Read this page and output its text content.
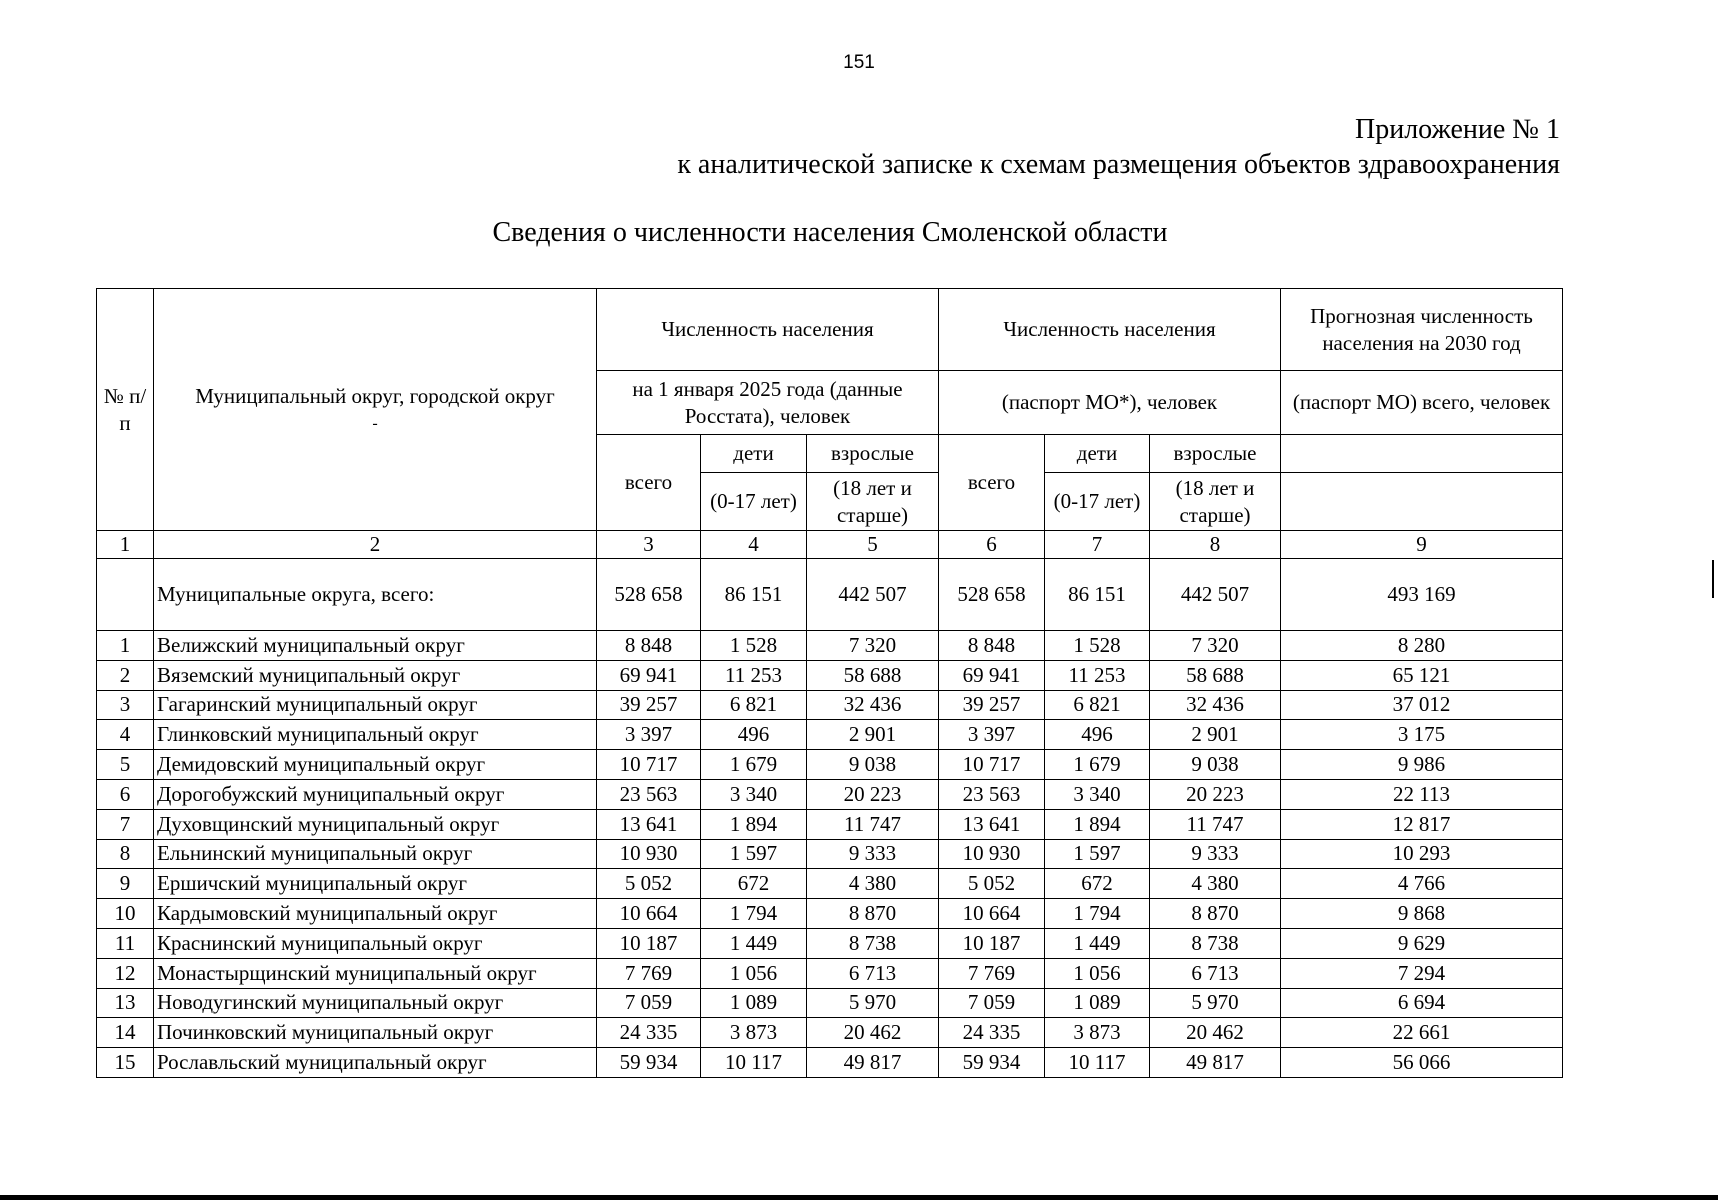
151
Приложение № 1
к аналитической записке к схемам размещения объектов здравоохранения
Сведения о численности населения Смоленской области
№ п/п	Муниципальный округ, городской округ
-	Численность населения			Численность населения			Прогнозная численность населения на 2030 год
		на 1 января 2025 года (данные Росстата), человек			(паспорт МО*), человек			(паспорт МО) всего, человек
		всего	дети	взрослые	всего	дети	взрослые	
			(0-17 лет)	(18 лет и старше)		(0-17 лет)	(18 лет и старше)	
1	2	3	4	5	6	7	8	9
	Муниципальные округа, всего:	528 658	86 151	442 507	528 658	86 151	442 507	493 169
1	Велижский муниципальный округ	8 848	1 528	7 320	8 848	1 528	7 320	8 280
2	Вяземский муниципальный округ	69 941	11 253	58 688	69 941	11 253	58 688	65 121
3	Гагаринский муниципальный округ	39 257	6 821	32 436	39 257	6 821	32 436	37 012
4	Глинковский муниципальный округ	3 397	496	2 901	3 397	496	2 901	3 175
5	Демидовский муниципальный округ	10 717	1 679	9 038	10 717	1 679	9 038	9 986
6	Дорогобужский муниципальный округ	23 563	3 340	20 223	23 563	3 340	20 223	22 113
7	Духовщинский муниципальный округ	13 641	1 894	11 747	13 641	1 894	11 747	12 817
8	Ельнинский муниципальный округ	10 930	1 597	9 333	10 930	1 597	9 333	10 293
9	Ершичский муниципальный округ	5 052	672	4 380	5 052	672	4 380	4 766
10	Кардымовский муниципальный округ	10 664	1 794	8 870	10 664	1 794	8 870	9 868
11	Краснинский муниципальный округ	10 187	1 449	8 738	10 187	1 449	8 738	9 629
12	Монастырщинский муниципальный округ	7 769	1 056	6 713	7 769	1 056	6 713	7 294
13	Новодугинский муниципальный округ	7 059	1 089	5 970	7 059	1 089	5 970	6 694
14	Починковский муниципальный округ	24 335	3 873	20 462	24 335	3 873	20 462	22 661
15	Рославльский муниципальный округ	59 934	10 117	49 817	59 934	10 117	49 817	56 066
